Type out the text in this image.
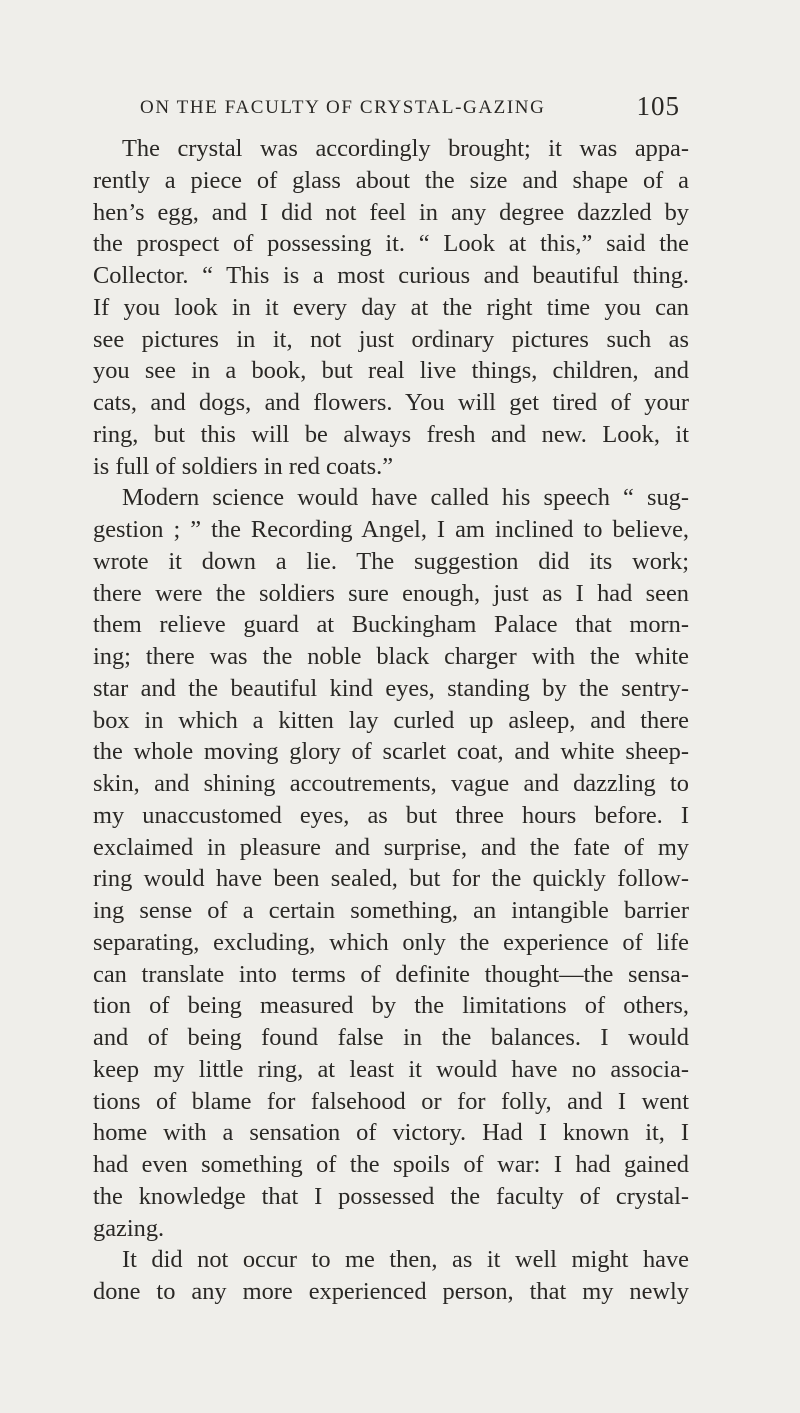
ON THE FACULTY OF CRYSTAL-GAZING	105

The crystal was accordingly brought; it was appa-
rently a piece of glass about the size and shape of a
hen’s egg, and I did not feel in any degree dazzled by
the prospect of possessing it. “ Look at this,” said the
Collector. “ This is a most curious and beautiful thing.
If you look in it every day at the right time you can
see pictures in it, not just ordinary pictures such as
you see in a book, but real live things, children, and
cats, and dogs, and flowers. You will get tired of your
ring, but this will be always fresh and new. Look, it
is full of soldiers in red coats.”

Modern science would have called his speech “ sug-
gestion ; ” the Recording Angel, I am inclined to believe,
wrote it down a lie. The suggestion did its work;
there were the soldiers sure enough, just as I had seen
them relieve guard at Buckingham Palace that morn-
ing; there was the noble black charger with the white
star and the beautiful kind eyes, standing by the sentry-
box in which a kitten lay curled up asleep, and there
the whole moving glory of scarlet coat, and white sheep-
skin, and shining accoutrements, vague and dazzling to
my unaccustomed eyes, as but three hours before. I
exclaimed in pleasure and surprise, and the fate of my
ring would have been sealed, but for the quickly follow-
ing sense of a certain something, an intangible barrier
separating, excluding, which only the experience of life
can translate into terms of definite thought—the sensa-
tion of being measured by the limitations of others,
and of being found false in the balances. I would
keep my little ring, at least it would have no associa-
tions of blame for falsehood or for folly, and I went
home with a sensation of victory. Had I known it, I
had even something of the spoils of war: I had gained
the knowledge that I possessed the faculty of crystal-
gazing.

It did not occur to me then, as it well might have
done to any more experienced person, that my newly
